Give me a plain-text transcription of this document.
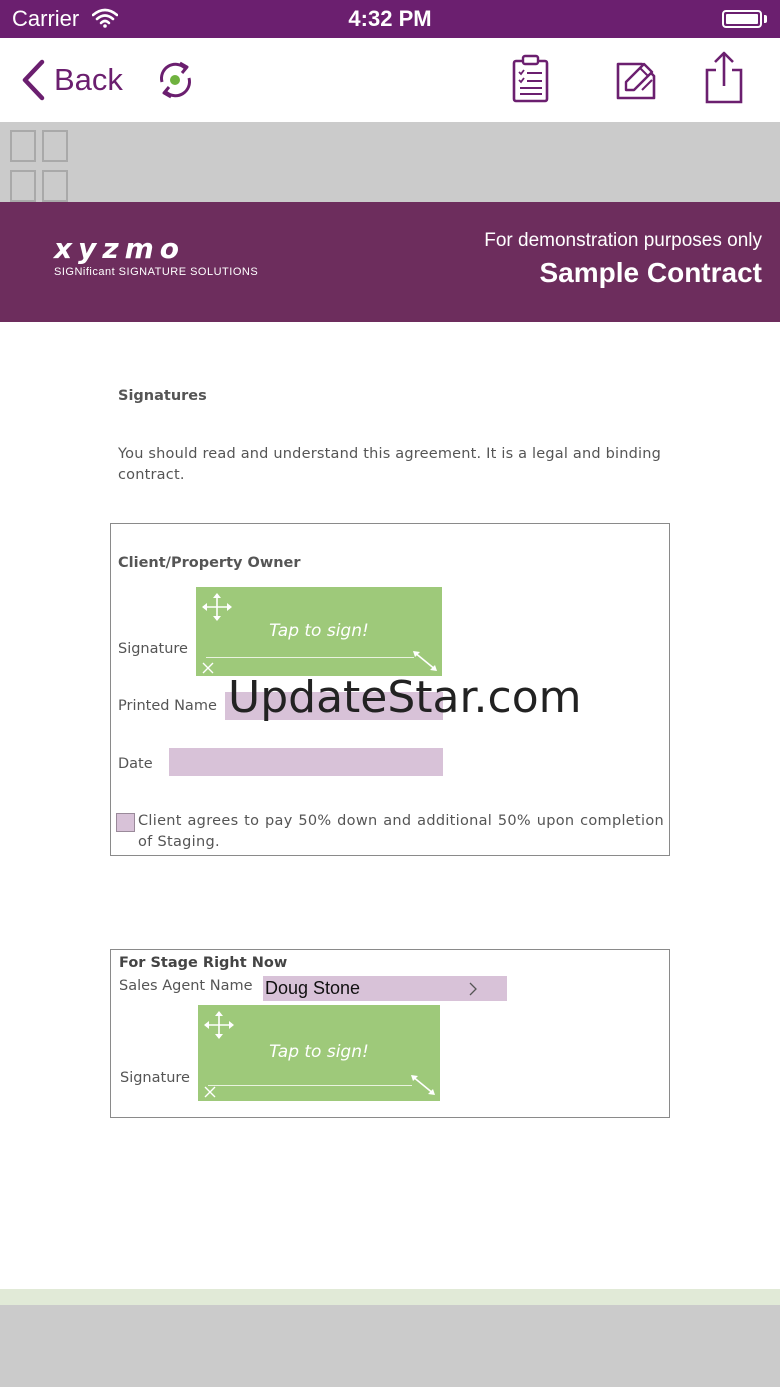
Carrier	4:32 PM
Back
xyzmo
SIGNificant SIGNATURE SOLUTIONS
For demonstration purposes only
Sample Contract
Signatures
You should read and understand this agreement. It is a legal and binding contract.
Client/Property Owner
Signature
Tap to sign!
Printed Name
Date
Client agrees to pay 50% down and additional 50% upon completion of Staging.
For Stage Right Now
Sales Agent Name Doug Stone
Signature
Tap to sign!
UpdateStar.com
